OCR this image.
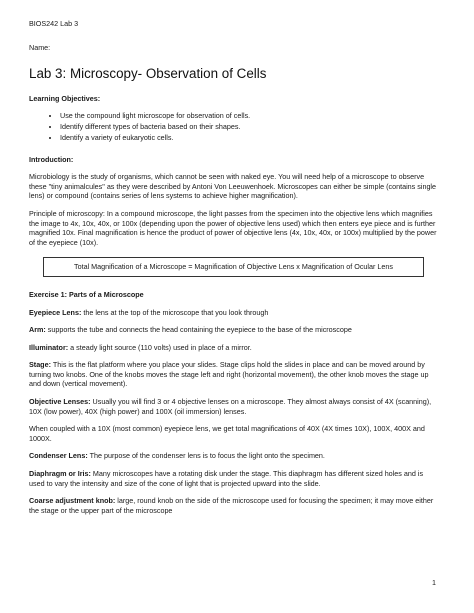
BIOS242 Lab 3
Name:
Lab 3: Microscopy- Observation of Cells
Learning Objectives:
• Use the compound light microscope for observation of cells.
• Identify different types of bacteria based on their shapes.
• Identify a variety of eukaryotic cells.
Introduction:

Microbiology is the study of organisms, which cannot be seen with naked eye. You will need help of a microscope to observe these "tiny animalcules" as they were described by Antoni Von Leeuwenhoek. Microscopes can either be simple (contains single lens) or compound (contains series of lens systems to achieve higher magnification).

Principle of microscopy: In a compound microscope, the light passes from the specimen into the objective lens which magnifies the image to 4x, 10x, 40x, or 100x (depending upon the power of objective lens used) which then enters eye piece and is further magnified 10x. Final magnification is hence the product of power of objective lens (4x, 10x, 40x, or 100x) multiplied by the power of the eyepiece (10x).

Total Magnification of a Microscope = Magnification of Objective Lens x Magnification of Ocular Lens
Exercise 1: Parts of a Microscope

Eyepiece Lens: the lens at the top of the microscope that you look through

Arm: supports the tube and connects the head containing the eyepiece to the base of the microscope

Illuminator: a steady light source (110 volts) used in place of a mirror.

Stage: This is the flat platform where you place your slides. Stage clips hold the slides in place and can be moved around by turning two knobs. One of the knobs moves the stage left and right (horizontal movement), the other knob moves the stage up and down (vertical movement).

Objective Lenses: Usually you will find 3 or 4 objective lenses on a microscope. They almost always consist of 4X (scanning), 10X (low power), 40X (high power) and 100X (oil immersion) lenses.

When coupled with a 10X (most common) eyepiece lens, we get total magnifications of 40X (4X times 10X), 100X, 400X and 1000X.

Condenser Lens: The purpose of the condenser lens is to focus the light onto the specimen.

Diaphragm or Iris: Many microscopes have a rotating disk under the stage. This diaphragm has different sized holes and is used to vary the intensity and size of the cone of light that is projected upward into the slide.

Coarse adjustment knob: large, round knob on the side of the microscope used for focusing the specimen; it may move either the stage or the upper part of the microscope

1
